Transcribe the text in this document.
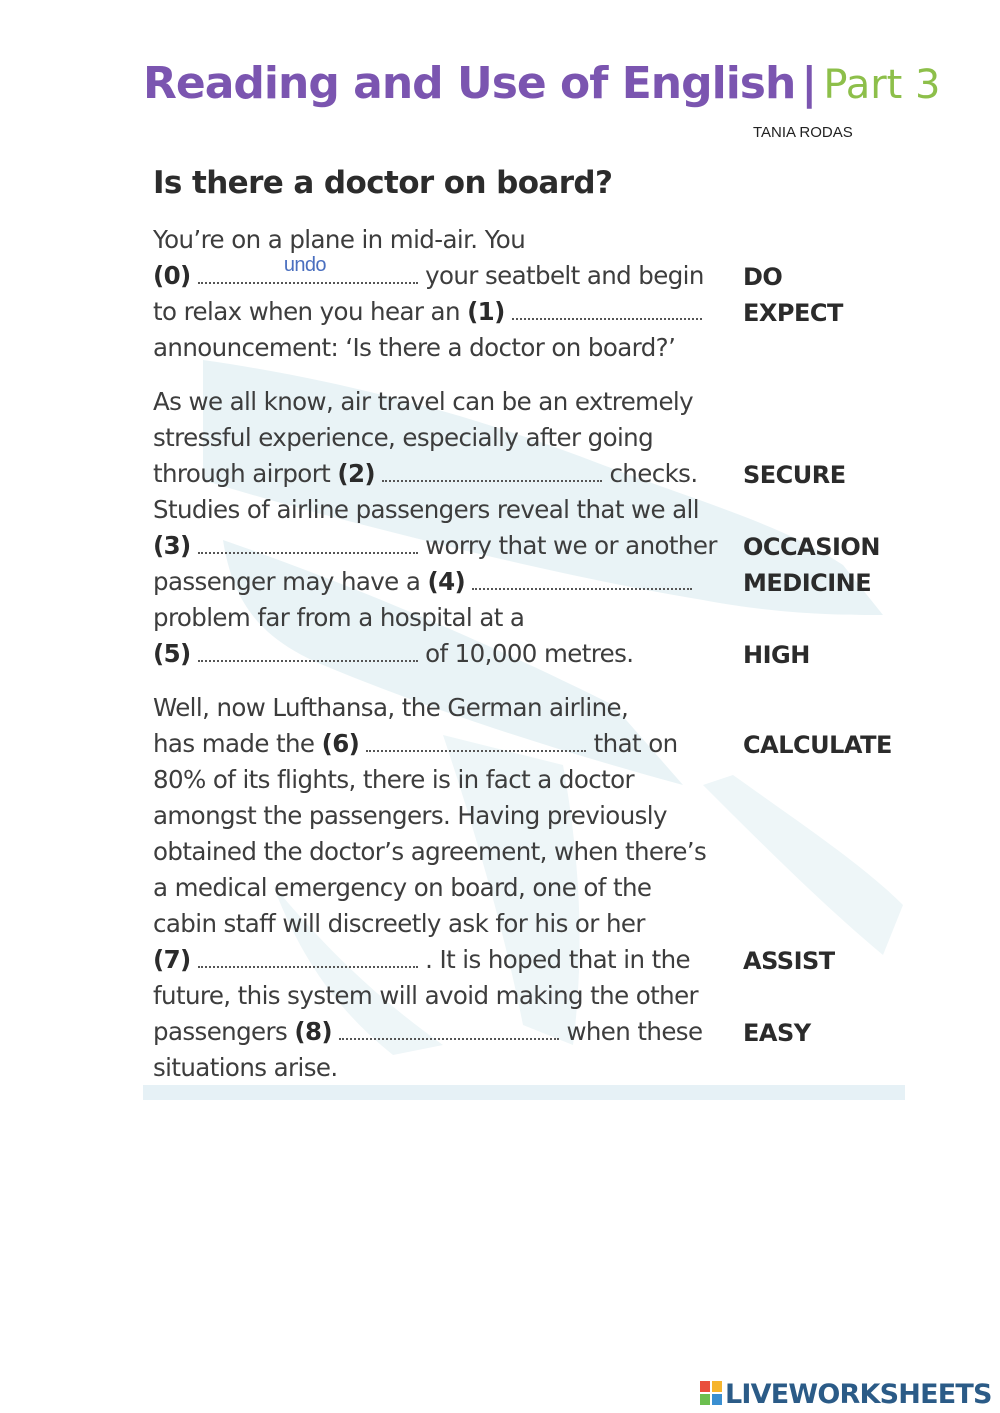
Reading and Use of English | Part 3
TANIA RODAS
Is there a doctor on board?
You’re on a plane in mid-air. You
(0)	undo	your seatbelt and begin
to relax when you hear an (1)
announcement: ‘Is there a doctor on board?’
As we all know, air travel can be an extremely
stressful experience, especially after going
through airport (2)	checks.
Studies of airline passengers reveal that we all
(3)	worry that we or another
passenger may have a (4)
problem far from a hospital at a
(5)	of 10,000 metres.
Well, now Lufthansa, the German airline,
has made the (6)	that on
80% of its flights, there is in fact a doctor
amongst the passengers. Having previously
obtained the doctor’s agreement, when there’s
a medical emergency on board, one of the
cabin staff will discreetly ask for his or her
(7)	. It is hoped that in the
future, this system will avoid making the other
passengers (8)	when these
situations arise.
DO
EXPECT
SECURE
OCCASION
MEDICINE
HIGH
CALCULATE
ASSIST
EASY
LIVEWORKSHEETS
